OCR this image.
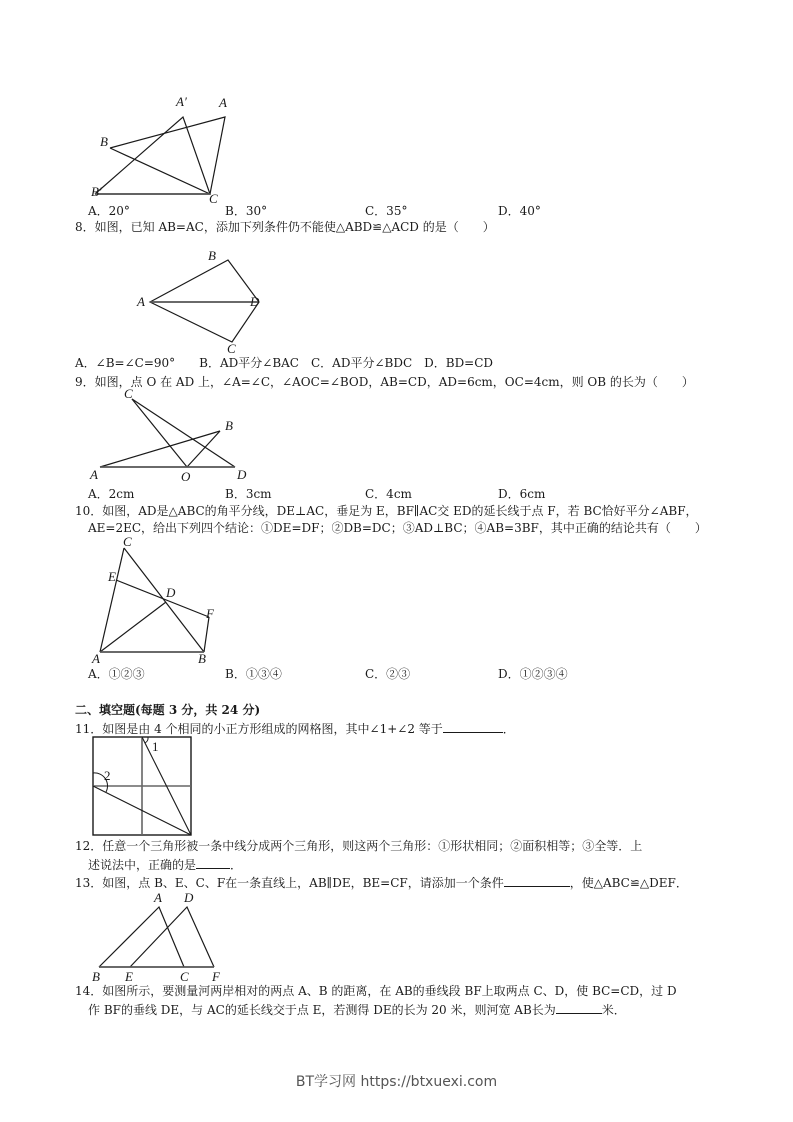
A′ A
B
B′	C
A．20°	B．30°	C．35°	D．40°
8．如图，已知 AB=AC，添加下列条件仍不能使△ABD≌△ACD 的是（　　）
B
A	D
C
A．∠B=∠C=90°　　B．AD平分∠BAC　C．AD平分∠BDC　D．BD=CD
9．如图，点 O 在 AD 上，∠A=∠C，∠AOC=∠BOD，AB=CD，AD=6cm，OC=4cm，则 OB 的长为（　　）
C
B
A	O	D
A．2cm	B．3cm	C．4cm	D．6cm
10．如图，AD是△ABC的角平分线，DE⊥AC，垂足为 E，BF∥AC交 ED的延长线于点 F，若 BC恰好平分∠ABF，
AE=2EC，给出下列四个结论：①DE=DF；②DB=DC；③AD⊥BC；④AB=3BF，其中正确的结论共有（　　）
C
E
D
F
A	B
A．①②③	B．①③④	C．②③	D．①②③④
二、填空题(每题 3 分，共 24 分)
11．如图是由 4 个相同的小正方形组成的网格图，其中∠1+∠2 等于	．
1
2
12．任意一个三角形被一条中线分成两个三角形，则这两个三角形：①形状相同；②面积相等；③全等．上
述说法中，正确的是	．
13．如图，点 B、E、C、F在一条直线上，AB∥DE，BE=CF，请添加一个条件	，使△ABC≌△DEF．
A D
B E	C F
14．如图所示，要测量河两岸相对的两点 A、B 的距离，在 AB的垂线段 BF上取两点 C、D，使 BC=CD，过 D
作 BF的垂线 DE，与 AC的延长线交于点 E，若测得 DE的长为 20 米，则河宽 AB长为	米．
BT学习网 https://btxuexi.com
